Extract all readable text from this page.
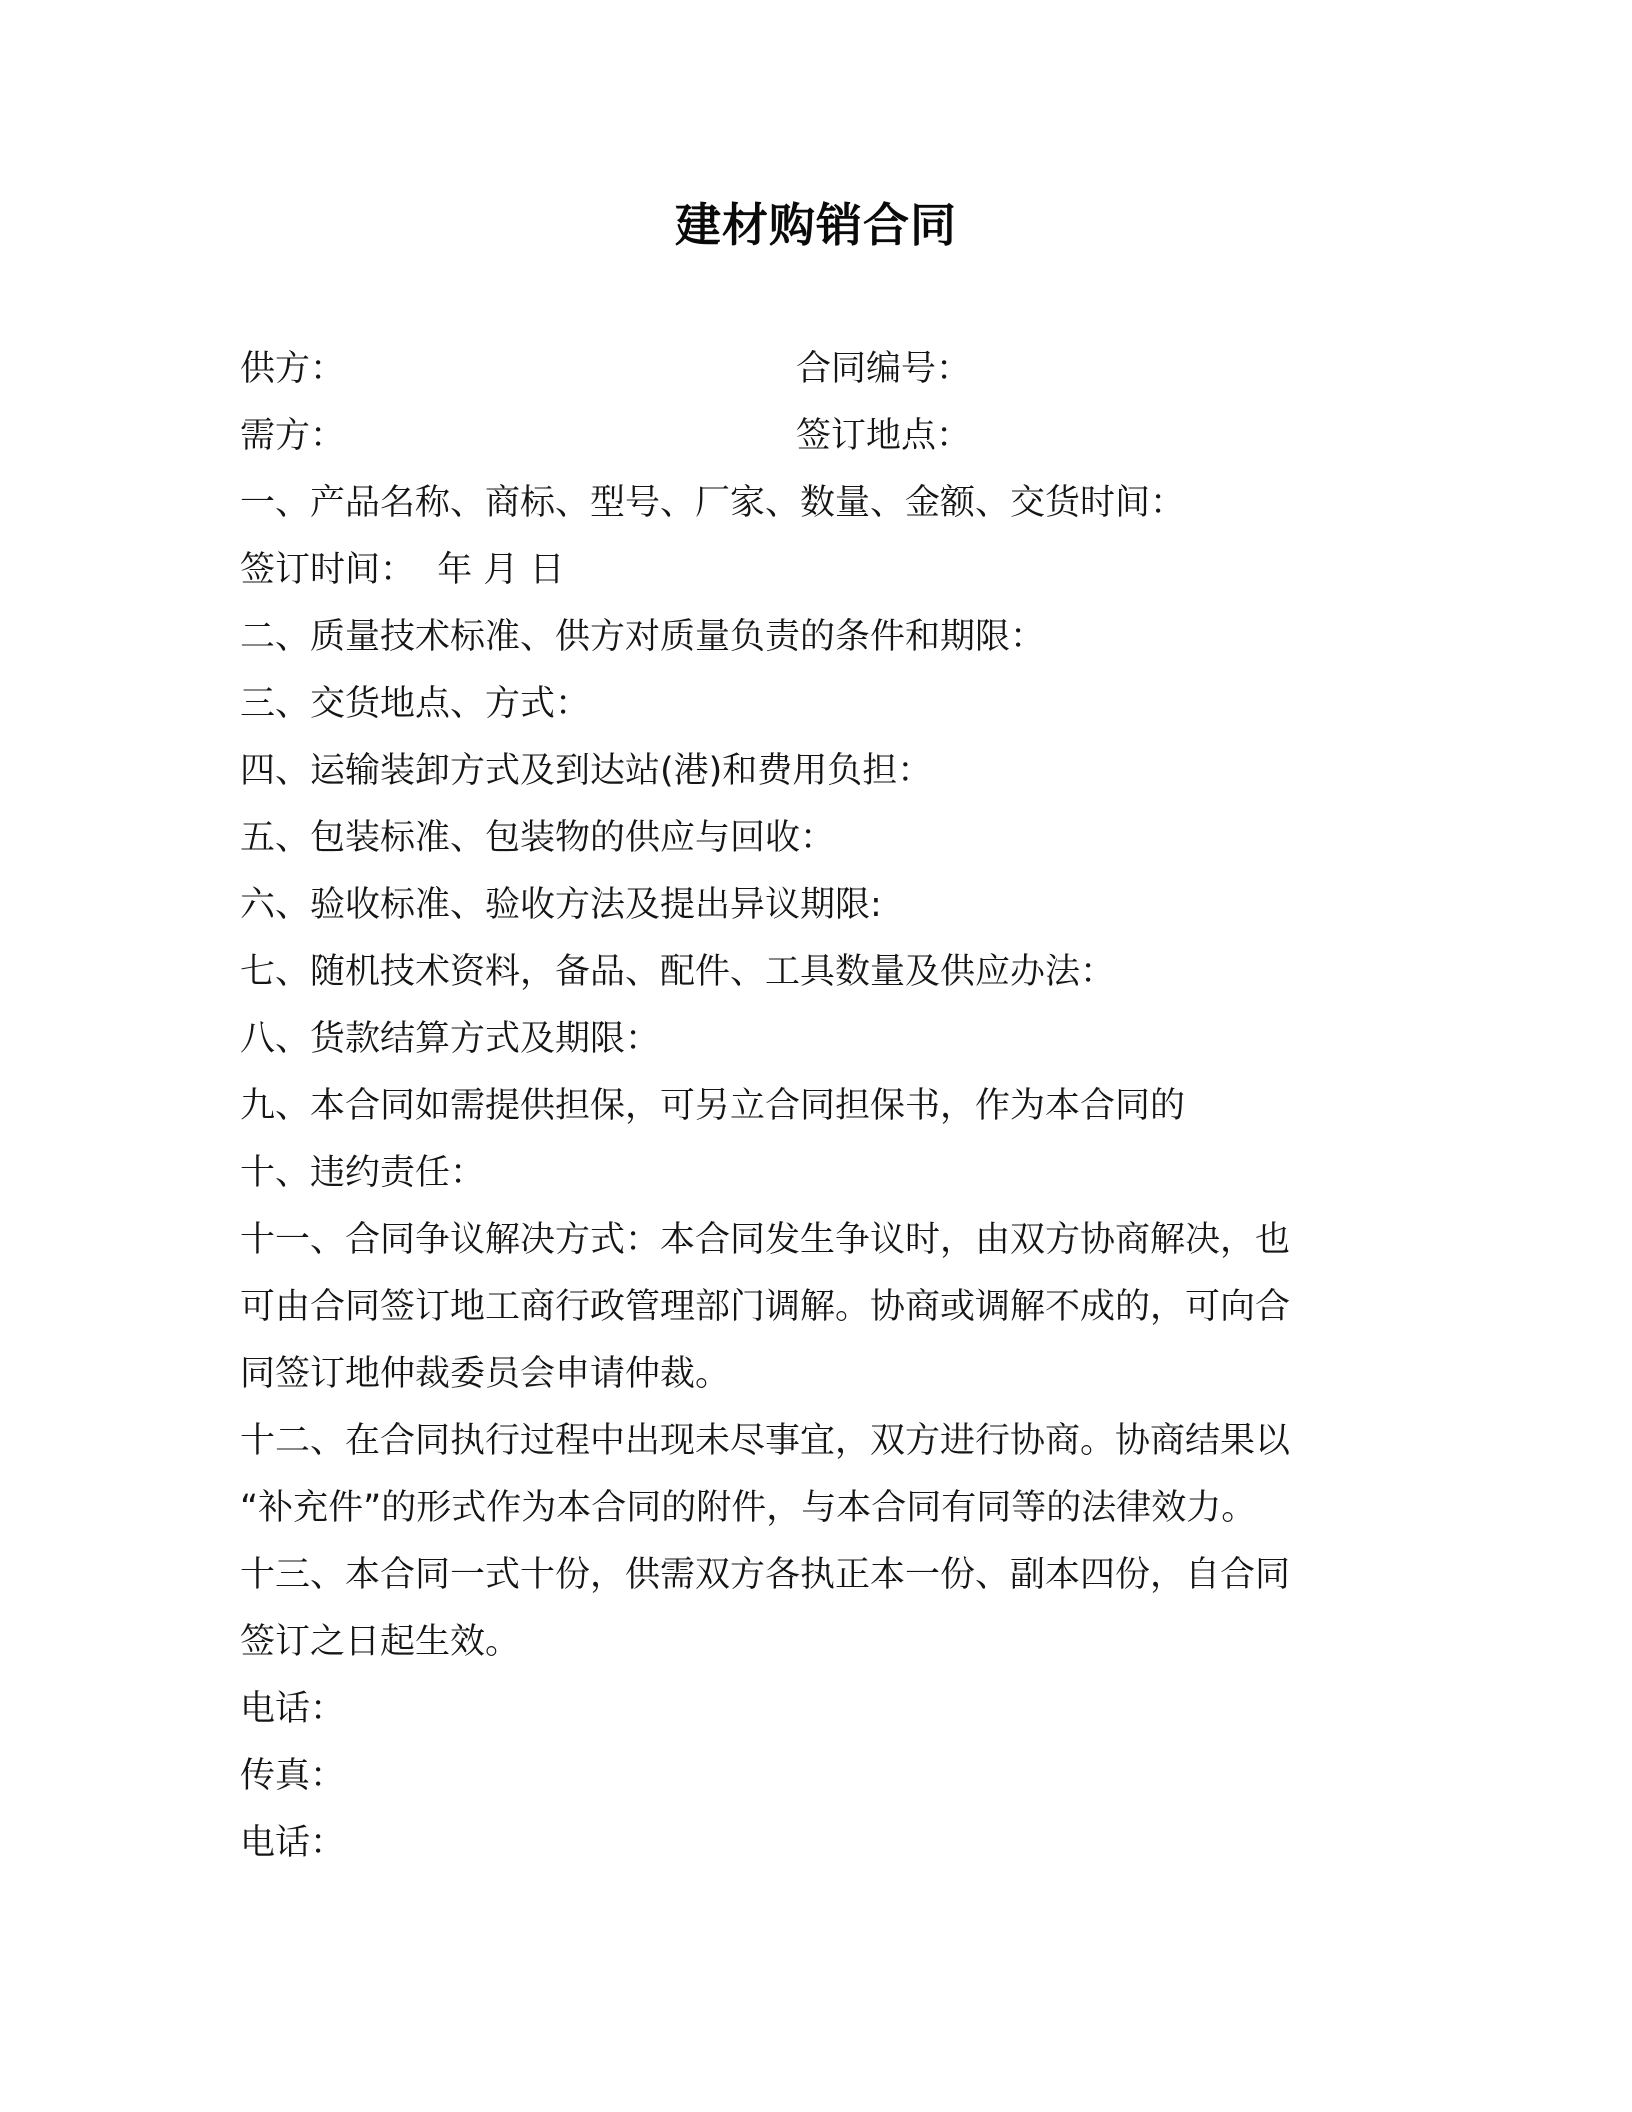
建材购销合同
供方：	合同编号：
需方：	签订地点：
一、产品名称、商标、型号、厂家、数量、金额、交货时间：
签订时间：  年 月 日
二、质量技术标准、供方对质量负责的条件和期限：
三、交货地点、方式：
四、运输装卸方式及到达站(港)和费用负担：
五、包装标准、包装物的供应与回收：
六、验收标准、验收方法及提出异议期限:
七、随机技术资料，备品、配件、工具数量及供应办法：
八、货款结算方式及期限：
九、本合同如需提供担保，可另立合同担保书，作为本合同的
十、违约责任：
十一、合同争议解决方式：本合同发生争议时，由双方协商解决，也
可由合同签订地工商行政管理部门调解。协商或调解不成的，可向合
同签订地仲裁委员会申请仲裁。
十二、在合同执行过程中出现未尽事宜，双方进行协商。协商结果以
“补充件”的形式作为本合同的附件，与本合同有同等的法律效力。
十三、本合同一式十份，供需双方各执正本一份、副本四份，自合同
签订之日起生效。
电话：
传真：
电话：
